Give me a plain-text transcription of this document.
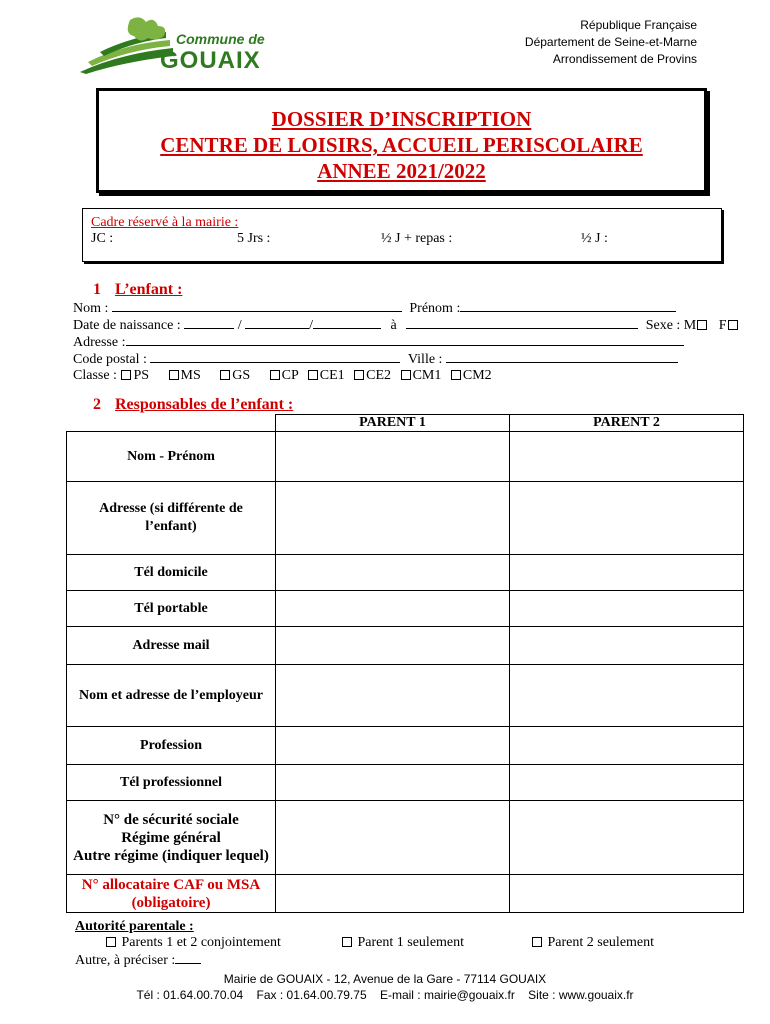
Commune de
GOUAIX
République Française
Département de Seine-et-Marne
Arrondissement de Provins
DOSSIER D’INSCRIPTION
CENTRE DE LOISIRS, ACCUEIL PERISCOLAIRE
ANNEE 2021/2022
Cadre réservé à la mairie :
JC :	5 Jrs :	½ J + repas :	½ J :
1 L’enfant :
Nom :	Prénom :
Date de naissance :	/	/	à	Sexe : M F
Adresse :
Code postal :	Ville :
Classe : PS MS GS CP CE1 CE2 CM1 CM2
2 Responsables de l’enfant :
	PARENT 1	PARENT 2
Nom - Prénom		
Adresse (si différente de l’enfant)		
Tél domicile		
Tél portable		
Adresse mail		
Nom et adresse de l’employeur		
Profession		
Tél professionnel		

N° de sécurité sociale
Régime général
Autre régime (indiquer lequel)		

N° allocataire CAF ou MSA (obligatoire)		
Autorité parentale :
Parents 1 et 2 conjointement	Parent 1 seulement	Parent 2 seulement
Autre, à préciser :
Mairie de GOUAIX - 12, Avenue de la Gare - 77114 GOUAIX
Tél : 01.64.00.70.04    Fax : 01.64.00.79.75    E-mail : mairie@gouaix.fr    Site : www.gouaix.fr
